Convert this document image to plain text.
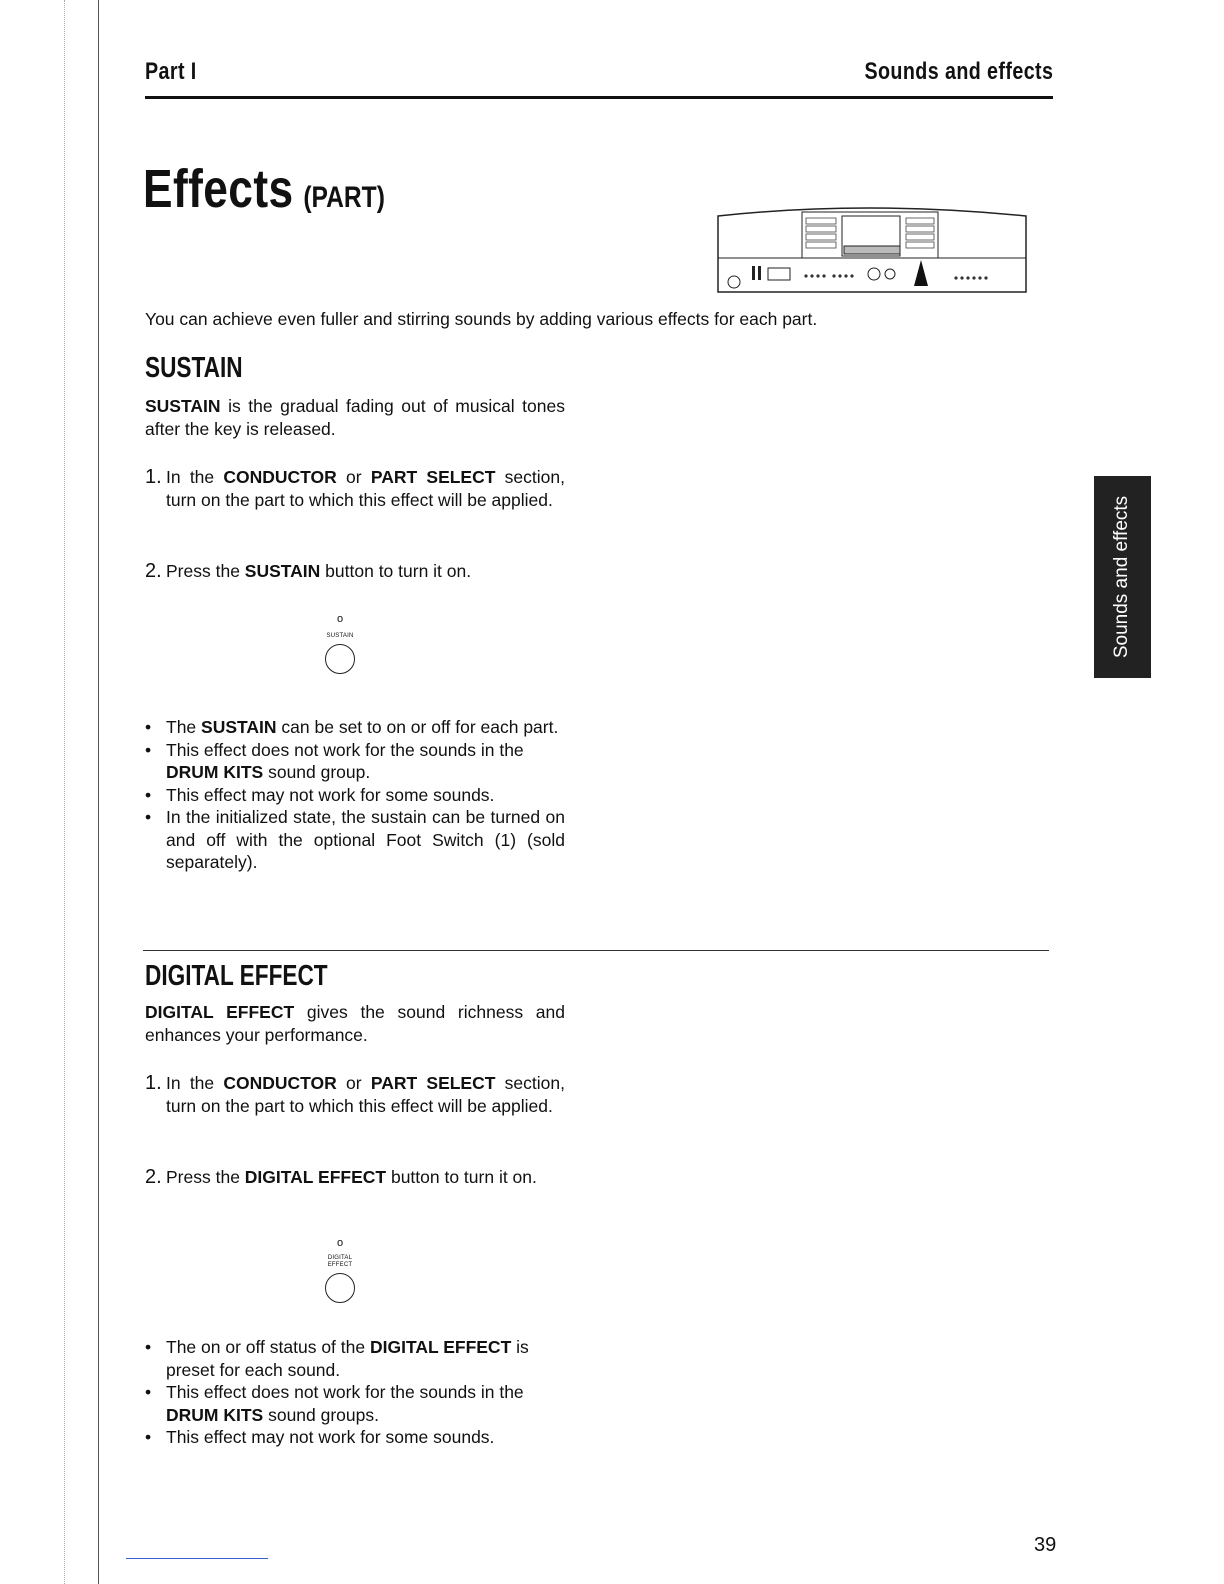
Part I	Sounds and effects
Effects (PART)
You can achieve even fuller and stirring sounds by adding various effects for each part.
SUSTAIN
SUSTAIN is the gradual fading out of musical tones after the key is released.
1. In the CONDUCTOR or PART SELECT section, turn on the part to which this effect will be applied.
2. Press the SUSTAIN button to turn it on.
o
SUSTAIN
• The SUSTAIN can be set to on or off for each part.
• This effect does not work for the sounds in the DRUM KITS sound group.
• This effect may not work for some sounds.
• In the initialized state, the sustain can be turned on and off with the optional Foot Switch (1) (sold separately).
DIGITAL EFFECT
DIGITAL EFFECT gives the sound richness and enhances your performance.
1. In the CONDUCTOR or PART SELECT section, turn on the part to which this effect will be applied.
2. Press the DIGITAL EFFECT button to turn it on.
o
DIGITAL
EFFECT
• The on or off status of the DIGITAL EFFECT is preset for each sound.
• This effect does not work for the sounds in the DRUM KITS sound groups.
• This effect may not work for some sounds.
Sounds and effects
39
